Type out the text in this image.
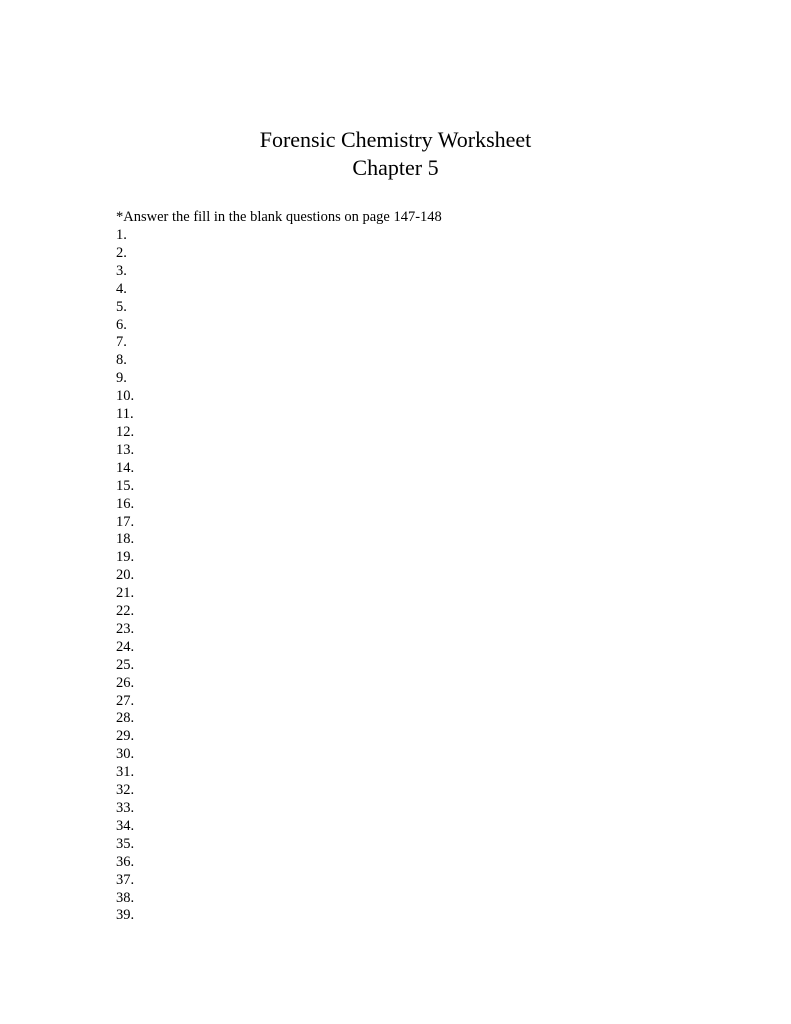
Forensic Chemistry Worksheet
Chapter 5

*Answer the fill in the blank questions on page 147-148

1.
2.
3.
4.
5.
6.
7.
8.
9.
10.
11.
12.
13.
14.
15.
16.
17.
18.
19.
20.
21.
22.
23.
24.
25.
26.
27.
28.
29.
30.
31.
32.
33.
34.
35.
36.
37.
38.
39.
